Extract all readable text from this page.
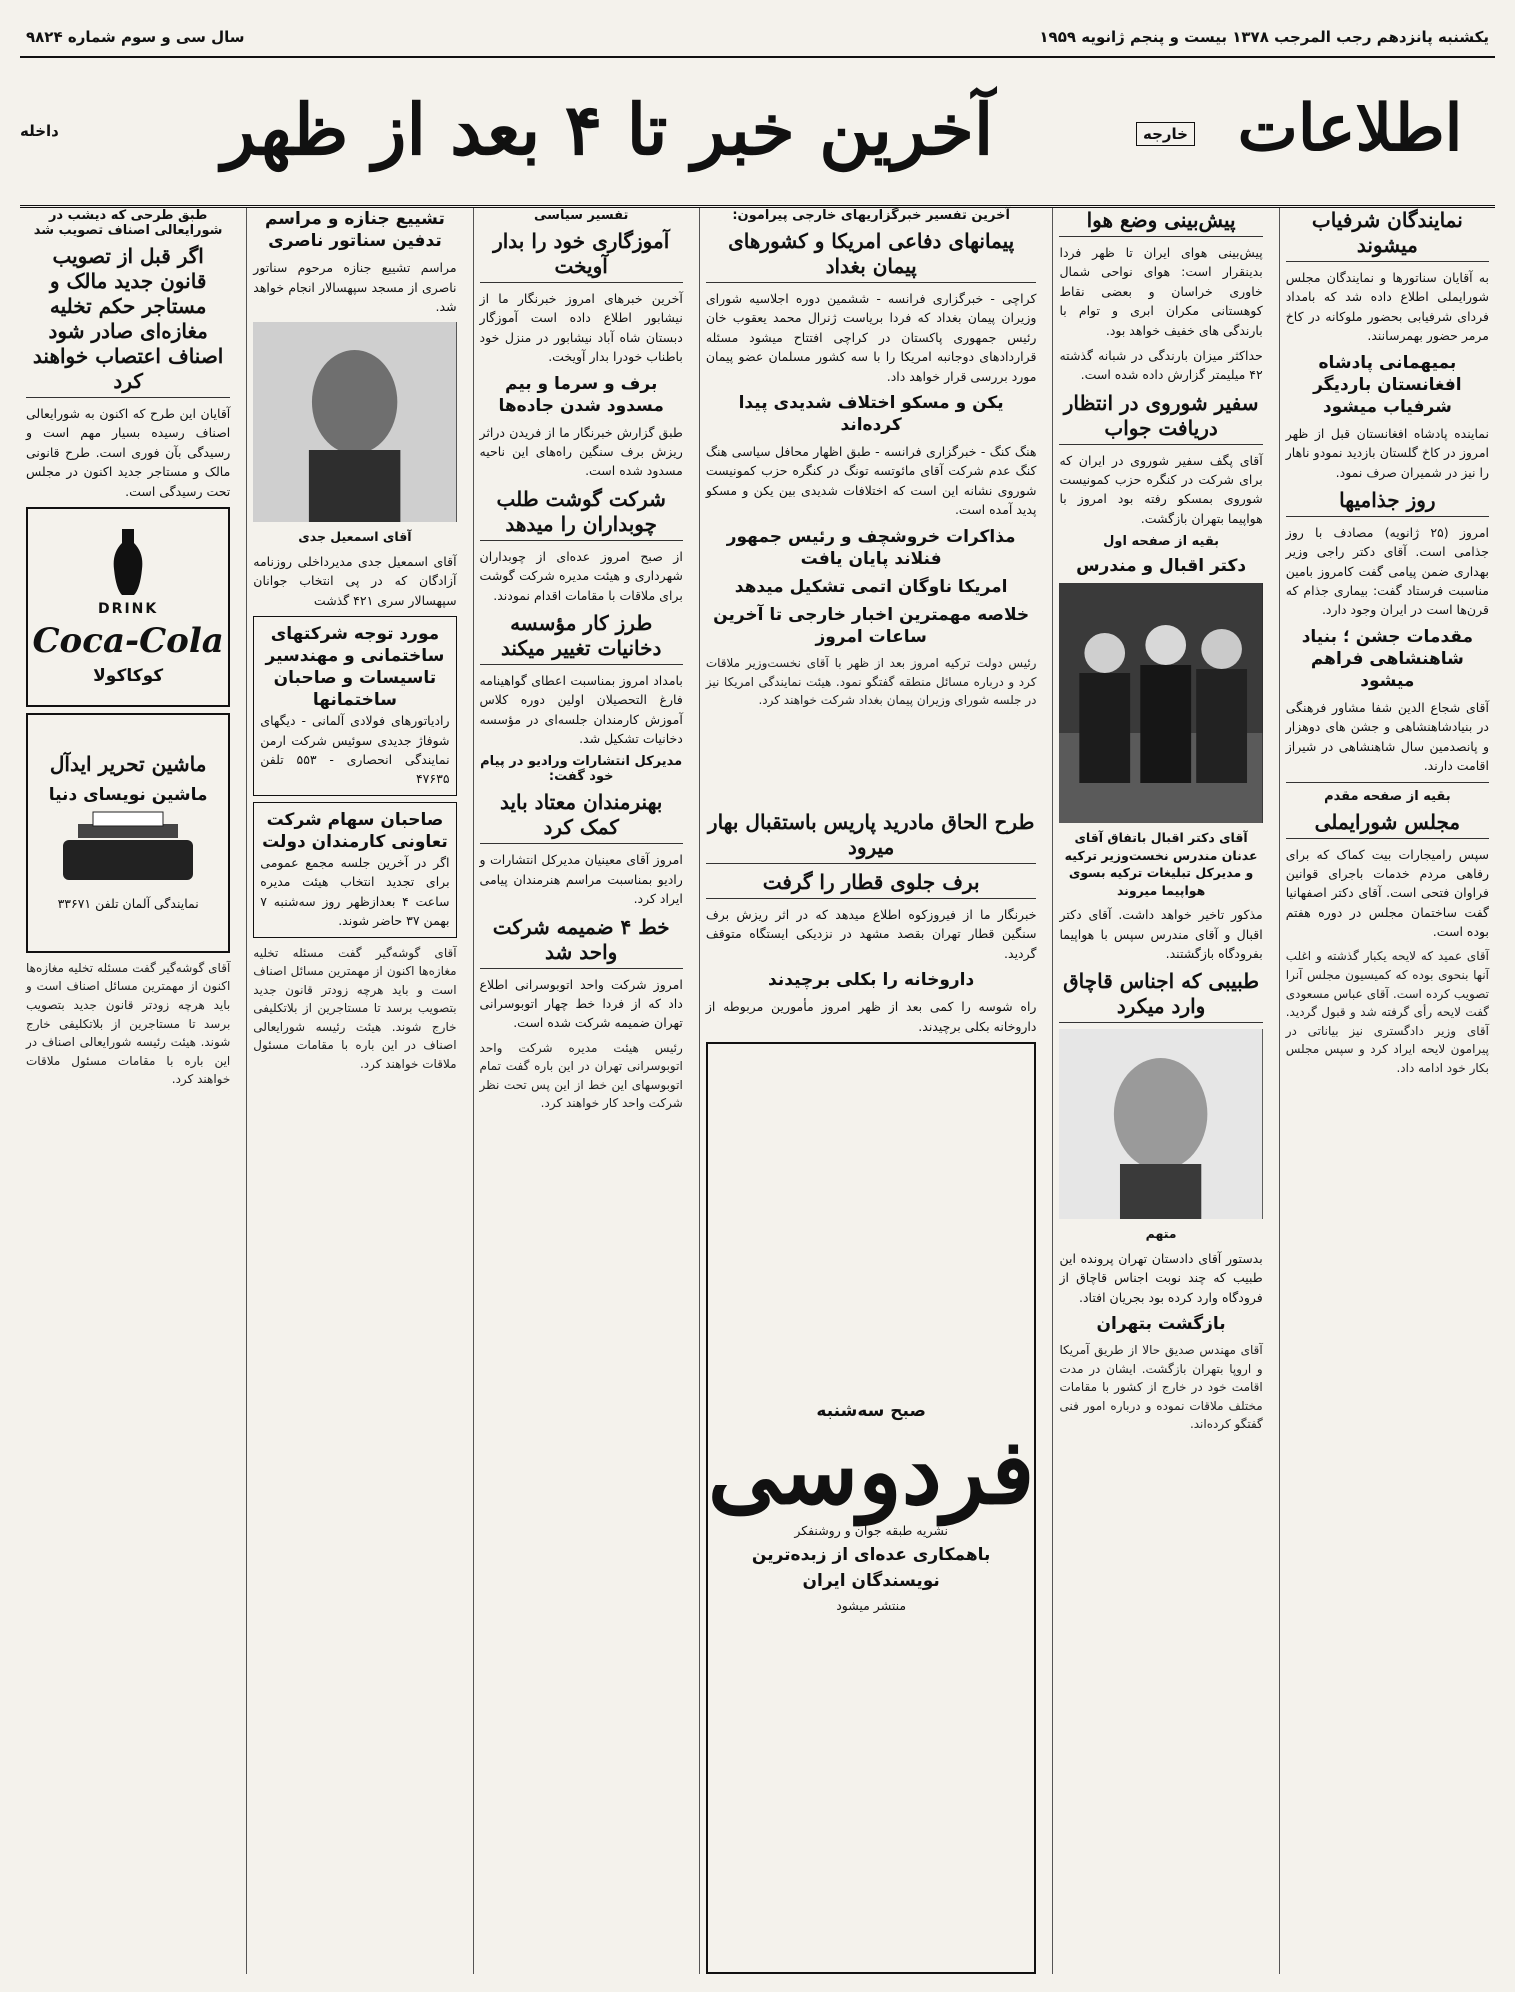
یکشنبه پانزدهم رجب المرجب ۱۳۷۸ بیست و پنجم ژانویه ۱۹۵۹
سال سی و سوم شماره ۹۸۲۴
اطلاعات
خارجه
آخرین خبر تا ۴ بعد از ظهر
داخله
نمایندگان شرفیاب میشوند
به آقایان سناتورها و نمایندگان مجلس شورایملی اطلاع داده شد که بامداد فردای شرفیابی بحضور ملوکانه در کاخ مرمر حضور بهمرسانند.
بمیهمانی پادشاه افغانستان باردیگر شرفیاب میشود
نماینده پادشاه افغانستان قبل از ظهر امروز در کاخ گلستان بازدید نمودو ناهار را نیز در شمیران صرف نمود.
روز جذامیها
امروز (۲۵ ژانویه) مصادف با روز جذامی است. آقای دکتر راجی وزیر بهداری ضمن پیامی گفت کامروز بامین مناسبت فرستاد گفت: بیماری جذام که قرن‌ها است در ایران وجود دارد.
مقدمات جشن ؛ بنیاد شاهنشاهی فراهم میشود
آقای شجاع الدین شفا مشاور فرهنگی در بنیادشاهنشاهی و جشن های دوهزار و پانصدمین سال شاهنشاهی در شیراز اقامت دارند.
بقیه از صفحه مقدم
مجلس شورایملی
سپس رامیجارات بیت کماک که برای رفاهی مردم خدمات باجرای قوانین فراوان فتحی است. آقای دکتر اصفهانیا گفت ساختمان مجلس در دوره هفتم بوده است.
آقای عمید که لایحه یکبار گذشته و اغلب آنها بنحوی بوده که کمیسیون مجلس آنرا تصویب کرده است. آقای عباس مسعودی گفت لایحه رأی گرفته شد و قبول گردید. آقای وزیر دادگستری نیز بیاناتی در پیرامون لایحه ایراد کرد و سپس مجلس بکار خود ادامه داد.
پیش‌بینی وضع هوا
پیش‌بینی هوای ایران تا ظهر فردا بدینقرار است: هوای نواحی شمال خاوری خراسان و بعضی نقاط کوهستانی مکران ابری و توام با بارندگی های خفیف خواهد بود.
حداکثر میزان بارندگی در شبانه گذشته ۴۲ میلیمتر گزارش داده شده است.
سفیر شوروی در انتظار دریافت جواب
آقای پگف سفیر شوروی در ایران که برای شرکت در کنگره حزب کمونیست شوروی بمسکو رفته بود امروز با هواپیما بتهران بازگشت.
بقیه از صفحه اول
دکتر اقبال و مندرس
آقای دکتر اقبال باتفاق آقای عدنان مندرس نخست‌وزیر ترکیه و مدیرکل تبلیغات ترکیه بسوی هواپیما میروند
مذکور تاخیر خواهد داشت. آقای دکتر اقبال و آقای مندرس سپس با هواپیما بفرودگاه بازگشتند.
طبیبی که اجناس قاچاق وارد میکرد
متهم
بدستور آقای دادستان تهران پرونده این طبیب که چند نوبت اجناس قاچاق از فرودگاه وارد کرده بود بجریان افتاد.
بازگشت بتهران
آقای مهندس صدیق حالا از طریق آمریکا و اروپا بتهران بازگشت. ایشان در مدت اقامت خود در خارج از کشور با مقامات مختلف ملاقات نموده و درباره امور فنی گفتگو کرده‌اند.
آخرین تفسیر خبرگزاریهای خارجی پیرامون:
پیمانهای دفاعی امریکا و کشورهای پیمان بغداد
کراچی - خبرگزاری فرانسه - ششمین دوره اجلاسیه شورای وزیران پیمان بغداد که فردا بریاست ژنرال محمد یعقوب خان رئیس جمهوری پاکستان در کراچی افتتاح میشود مسئله قراردادهای دوجانبه امریکا را با سه کشور مسلمان عضو پیمان مورد بررسی قرار خواهد داد.
یکن و مسکو اختلاف شدیدی پیدا کرده‌اند
هنگ کنگ - خبرگزاری فرانسه - طبق اظهار محافل سیاسی هنگ کنگ عدم شرکت آقای مائوتسه تونگ در کنگره حزب کمونیست شوروی نشانه این است که اختلافات شدیدی بین یکن و مسکو پدید آمده است.
مذاکرات خروشچف و رئیس جمهور فنلاند پایان یافت
امریکا ناوگان اتمی تشکیل میدهد
خلاصه مهمترین اخبار خارجی تا آخرین ساعات امروز
رئیس دولت ترکیه امروز بعد از ظهر با آقای نخست‌وزیر ملاقات کرد و درباره مسائل منطقه گفتگو نمود. هیئت نمایندگی امریکا نیز در جلسه شورای وزیران پیمان بغداد شرکت خواهند کرد.
طرح الحاق مادرید پاریس باستقبال بهار میرود
برف جلوی قطار را گرفت
خبرنگار ما از فیروزکوه اطلاع میدهد که در اثر ریزش برف سنگین قطار تهران بقصد مشهد در نزدیکی ایستگاه متوقف گردید.
داروخانه را بکلی برچیدند
راه شوسه را کمی بعد از ظهر امروز مأمورین مربوطه از داروخانه بکلی برچیدند.
صبح سه‌شنبه
فردوسی
نشریه طبقه جوان و روشنفکر
باهمکاری عده‌ای از زبده‌ترین
نویسندگان ایران
منتشر میشود
تفسیر سیاسی
آموزگاری خود را بدار آویخت
آخرین خبرهای امروز خبرنگار ما از نیشابور اطلاع داده است آموزگار دبستان شاه آباد نیشابور در منزل خود باطناب خودرا بدار آویخت.
برف و سرما و بیم مسدود شدن جاده‌ها
طبق گزارش خبرنگار ما از فریدن دراثر ریزش برف سنگین راه‌های این ناحیه مسدود شده است.
شرکت گوشت طلب چوبداران را میدهد
از صبح امروز عده‌ای از چوبداران شهرداری و هیئت مدیره شرکت گوشت برای ملاقات با مقامات اقدام نمودند.
طرز کار مؤسسه دخانیات تغییر میکند
بامداد امروز بمناسبت اعطای گواهینامه فارغ التحصیلان اولین دوره کلاس آموزش کارمندان جلسه‌ای در مؤسسه دخانیات تشکیل شد.
مدیرکل انتشارات ورادیو در پیام خود گفت:
بهنرمندان معتاد باید کمک کرد
امروز آقای معینیان مدیرکل انتشارات و رادیو بمناسبت مراسم هنرمندان پیامی ایراد کرد.
خط ۴ ضمیمه شرکت واحد شد
امروز شرکت واحد اتوبوسرانی اطلاع داد که از فردا خط چهار اتوبوسرانی تهران ضمیمه شرکت شده است.
رئیس هیئت مدیره شرکت واحد اتوبوسرانی تهران در این باره گفت تمام اتوبوسهای این خط از این پس تحت نظر شرکت واحد کار خواهند کرد.
تشییع جنازه و مراسم تدفین سناتور ناصری
مراسم تشییع جنازه مرحوم سناتور ناصری از مسجد سپهسالار انجام خواهد شد.
آقای اسمعیل جدی
آقای اسمعیل جدی مدیرداخلی روزنامه آزادگان که در پی انتخاب جوانان سپهسالار سری ۴۲۱ گذشت
مورد توجه شرکتهای ساختمانی و مهندسیر تاسیسات و صاحبان ساختمانها
رادیاتورهای فولادی آلمانی - دیگهای شوفاژ جدیدی سوئیس شرکت ارمن نمایندگی انحصاری - ۵۵۳ تلفن ۴۷۶۳۵
صاحبان سهام شرکت تعاونی کارمندان دولت
اگر در آخرین جلسه مجمع عمومی برای تجدید انتخاب هیئت مدیره ساعت ۴ بعدازظهر روز سه‌شنبه ۷ بهمن ۳۷ حاضر شوند.
آقای گوشه‌گیر گفت مسئله تخلیه مغازه‌ها اکنون از مهمترین مسائل اصناف است و باید هرچه زودتر قانون جدید بتصویب برسد تا مستاجرین از بلاتکلیفی خارج شوند. هیئت رئیسه شورایعالی اصناف در این باره با مقامات مسئول ملاقات خواهند کرد.
طبق طرحی که دیشب در شورایعالی اصناف تصویب شد
اگر قبل از تصویب قانون جدید مالک و مستاجر حکم تخلیه مغازه‌ای صادر شود اصناف اعتصاب خواهند کرد
آقایان این طرح که اکنون به شورایعالی اصناف رسیده بسیار مهم است و رسیدگی بآن فوری است. طرح قانونی مالک و مستاجر جدید اکنون در مجلس تحت رسیدگی است.
DRINK
Coca-Cola
کوکاکولا
ماشین تحریر ایدآل
ماشین نویسای دنیا
نمایندگی آلمان تلفن ۳۳۶۷۱
آقای گوشه‌گیر گفت مسئله تخلیه مغازه‌ها اکنون از مهمترین مسائل اصناف است و باید هرچه زودتر قانون جدید بتصویب برسد تا مستاجرین از بلاتکلیفی خارج شوند. هیئت رئیسه شورایعالی اصناف در این باره با مقامات مسئول ملاقات خواهند کرد.
